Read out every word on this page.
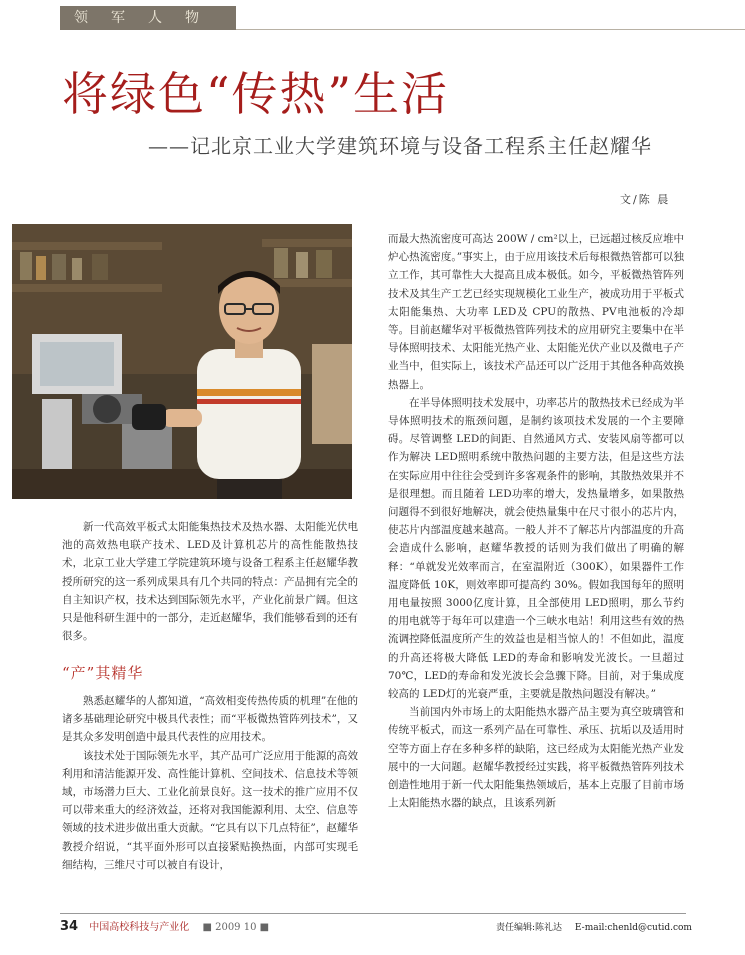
领军人物
将绿色“传热”生活
——记北京工业大学建筑环境与设备工程系主任赵耀华
文/陈 晨

新一代高效平板式太阳能集热技术及热水器、太阳能光伏电池的高效热电联产技术、LED及计算机芯片的高性能散热技术，北京工业大学建工学院建筑环境与设备工程系主任赵耀华教授所研究的这一系列成果具有几个共同的特点：产品拥有完全的自主知识产权，技术达到国际领先水平，产业化前景广阔。但这只是他科研生涯中的一部分，走近赵耀华，我们能够看到的还有很多。

“产”其精华

熟悉赵耀华的人都知道，“高效相变传热传质的机理”在他的诸多基础理论研究中极具代表性；而“平板微热管阵列技术”，又是其众多发明创造中最具代表性的应用技术。

该技术处于国际领先水平，其产品可广泛应用于能源的高效利用和清洁能源开发、高性能计算机、空间技术、信息技术等领域，市场潜力巨大、工业化前景良好。这一技术的推广应用不仅可以带来重大的经济效益，还将对我国能源利用、太空、信息等领域的技术进步做出重大贡献。“它具有以下几点特征”，赵耀华教授介绍说，“其平面外形可以直接紧贴换热面，内部可实现毛细结构，三维尺寸可以被自有设计，

而最大热流密度可高达 200W / cm²以上，已远超过核反应堆中炉心热流密度。”事实上，由于应用该技术后每根微热管都可以独立工作，其可靠性大大提高且成本极低。如今，平板微热管阵列技术及其生产工艺已经实现规模化工业生产，被成功用于平板式太阳能集热、大功率 LED及 CPU的散热、PV电池板的冷却等。目前赵耀华对平板微热管阵列技术的应用研究主要集中在半导体照明技术、太阳能光热产业、太阳能光伏产业以及微电子产业当中，但实际上，该技术产品还可以广泛用于其他各种高效换热器上。

在半导体照明技术发展中，功率芯片的散热技术已经成为半导体照明技术的瓶颈问题，是制约该项技术发展的一个主要障碍。尽管调整 LED的间距、自然通风方式、安装风扇等都可以作为解决 LED照明系统中散热问题的主要方法，但是这些方法在实际应用中往往会受到许多客观条件的影响，其散热效果并不是很理想。而且随着 LED功率的增大，发热量增多，如果散热问题得不到很好地解决，就会使热量集中在尺寸很小的芯片内，使芯片内部温度越来越高。一般人并不了解芯片内部温度的升高会造成什么影响，赵耀华教授的话则为我们做出了明确的解释：“单就发光效率而言，在室温附近（300K），如果器件工作温度降低 10K，则效率即可提高约 30%。假如我国每年的照明用电量按照 3000亿度计算，且全部使用 LED照明，那么节约的用电就等于每年可以建造一个三峡水电站！利用这些有效的热流调控降低温度所产生的效益也是相当惊人的！不但如此，温度的升高还将极大降低 LED的寿命和影响发光波长。一旦超过 70℃，LED的寿命和发光波长会急骤下降。目前，对于集成度较高的 LED灯的光衰严重，主要就是散热问题没有解决。”

当前国内外市场上的太阳能热水器产品主要为真空玻璃管和传统平板式，而这一系列产品在可靠性、承压、抗垢以及适用时空等方面上存在多种多样的缺陷，这已经成为太阳能光热产业发展中的一大问题。赵耀华教授经过实践，将平板微热管阵列技术创造性地用于新一代太阳能集热领域后，基本上克服了目前市场上太阳能热水器的缺点，且该系列新

34 中国高校科技与产业化 ■ 2009 10 ■	责任编辑:陈礼达 E-mail:chenld@cutid.com
